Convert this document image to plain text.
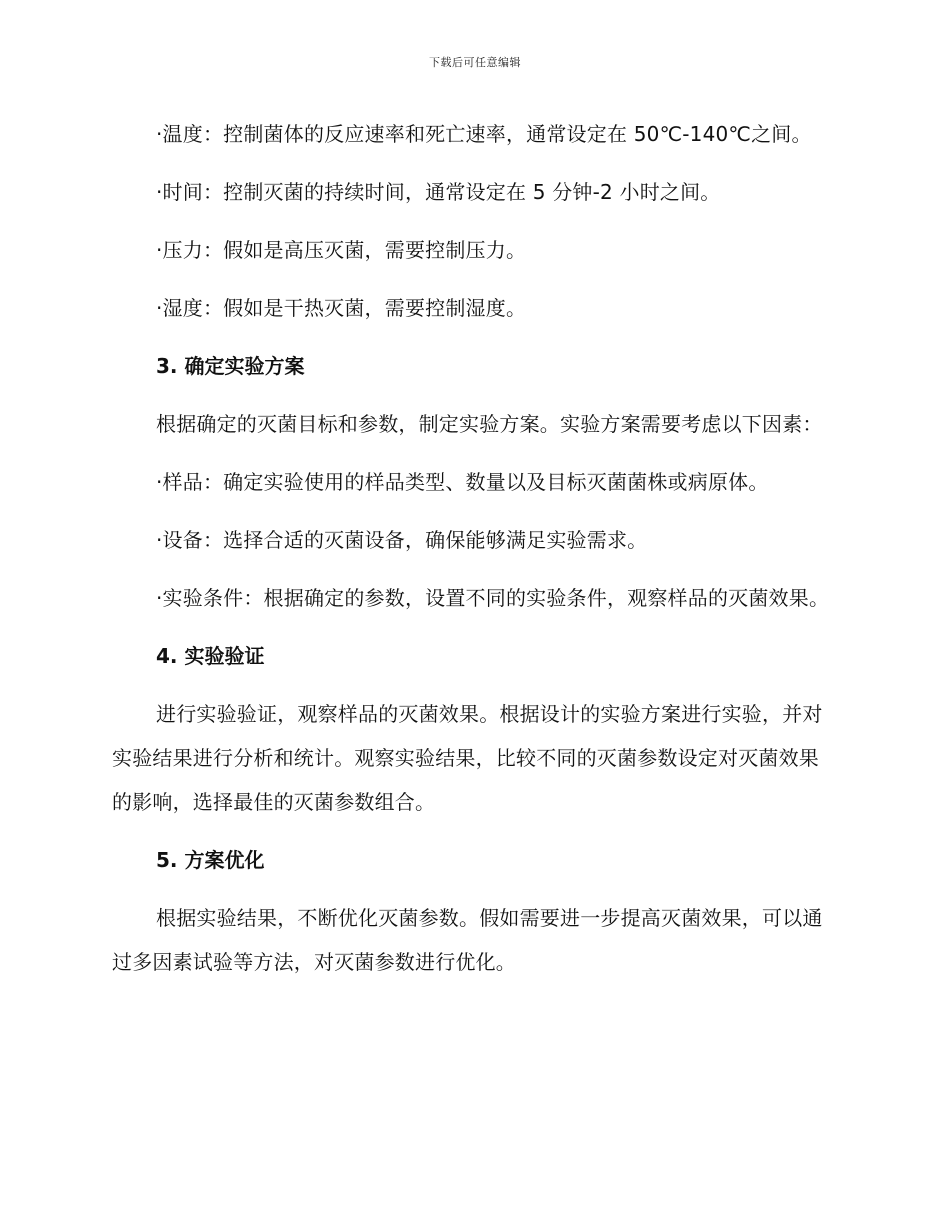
下载后可任意编辑

·温度：控制菌体的反应速率和死亡速率，通常设定在 50℃-140℃之间。

·时间：控制灭菌的持续时间，通常设定在 5 分钟-2 小时之间。

·压力：假如是高压灭菌，需要控制压力。

·湿度：假如是干热灭菌，需要控制湿度。

3. 确定实验方案

根据确定的灭菌目标和参数，制定实验方案。实验方案需要考虑以下因素：

·样品：确定实验使用的样品类型、数量以及目标灭菌菌株或病原体。

·设备：选择合适的灭菌设备，确保能够满足实验需求。

·实验条件：根据确定的参数，设置不同的实验条件，观察样品的灭菌效果。

4. 实验验证

进行实验验证，观察样品的灭菌效果。根据设计的实验方案进行实验，并对实验结果进行分析和统计。观察实验结果，比较不同的灭菌参数设定对灭菌效果的影响，选择最佳的灭菌参数组合。

5. 方案优化

根据实验结果，不断优化灭菌参数。假如需要进一步提高灭菌效果，可以通过多因素试验等方法，对灭菌参数进行优化。
